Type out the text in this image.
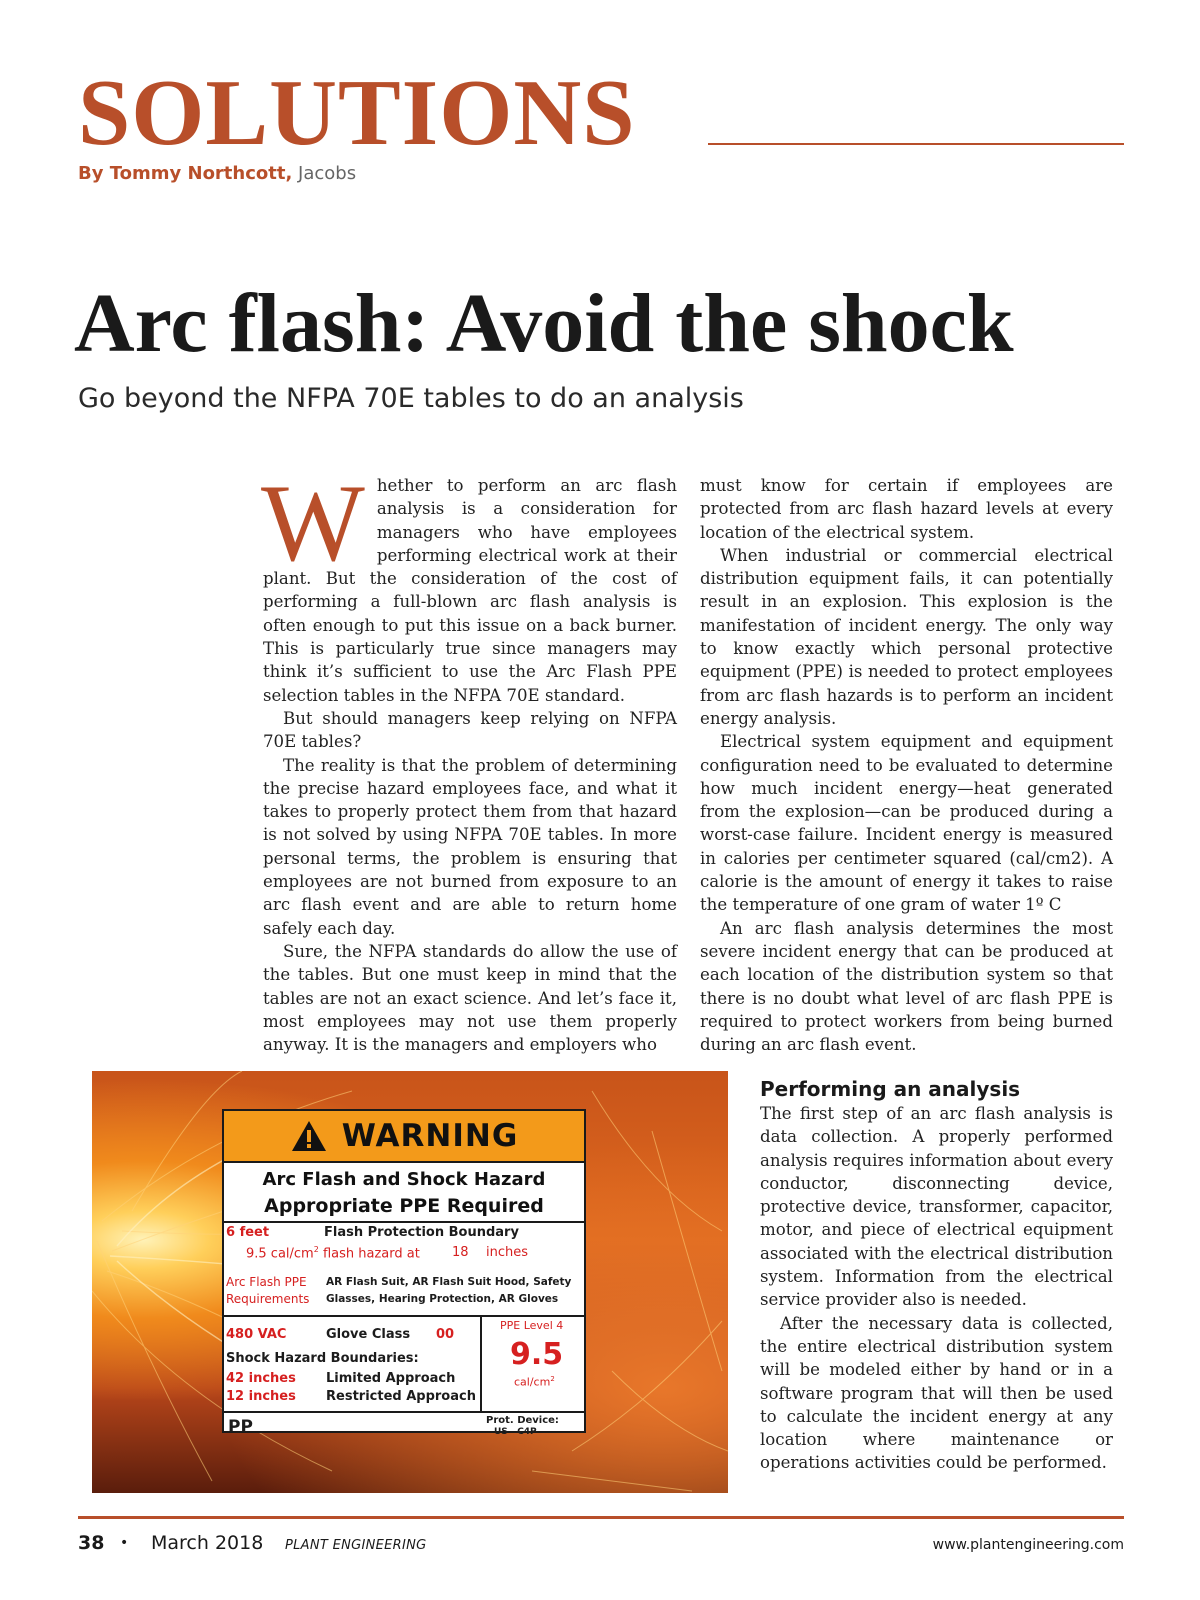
SOLUTIONS
By Tommy Northcott, Jacobs
Arc flash: Avoid the shock
Go beyond the NFPA 70E tables to do an analysis
W hether to perform an arc flash analysis is a consideration for managers who have employees performing electrical work at their plant. But the consideration of the cost of performing a full-blown arc flash analysis is often enough to put this issue on a back burner. This is particularly true since managers may think it’s sufficient to use the Arc Flash PPE selection tables in the NFPA 70E standard.

But should managers keep relying on NFPA 70E tables?

The reality is that the problem of determining the precise hazard employees face, and what it takes to properly protect them from that hazard is not solved by using NFPA 70E tables. In more personal terms, the problem is ensuring that employees are not burned from exposure to an arc flash event and are able to return home safely each day.

Sure, the NFPA standards do allow the use of the tables. But one must keep in mind that the tables are not an exact science. And let’s face it, most employees may not use them properly anyway. It is the managers and employers who

must know for certain if employees are protected from arc flash hazard levels at every location of the electrical system.

When industrial or commercial electrical distribution equipment fails, it can potentially result in an explosion. This explosion is the manifestation of incident energy. The only way to know exactly which personal protective equipment (PPE) is needed to protect employees from arc flash hazards is to perform an incident energy analysis.

Electrical system equipment and equipment configuration need to be evaluated to determine how much incident energy—heat generated from the explosion—can be produced during a worst-case failure. Incident energy is measured in calories per centimeter squared (cal/cm2). A calorie is the amount of energy it takes to raise the temperature of one gram of water 1º C

An arc flash analysis determines the most severe incident energy that can be produced at each location of the distribution system so that there is no doubt what level of arc flash PPE is required to protect workers from being burned during an arc flash event.

Performing an analysis

The first step of an arc flash analysis is data collection. A properly performed analysis requires information about every conductor, disconnecting device, protective device, transformer, capacitor, motor, and piece of electrical equipment associated with the electrical distribution system. Information from the electrical service provider also is needed.

After the necessary data is collected, the entire electrical distribution system will be modeled either by hand or in a software program that will then be used to calculate the incident energy at any location where maintenance or operations activities could be performed.

WARNING
Arc Flash and Shock Hazard
Appropriate PPE Required
6 feet	Flash Protection Boundary
9.5 cal/$cm^2$ flash hazard at 18 inches
Arc Flash PPE
Requirements
AR Flash Suit, AR Flash Suit Hood, Safety
Glasses, Hearing Protection, AR Gloves
480 VAC	Glove Class 00
Shock Hazard Boundaries:
42 inches Limited Approach
12 inches Restricted Approach
PPE Level 4
9.5
cal/$cm^2$
PP	Prot. Device:
US   C4P
38 • March 2018 PLANT ENGINEERING	www.plantengineering.com
